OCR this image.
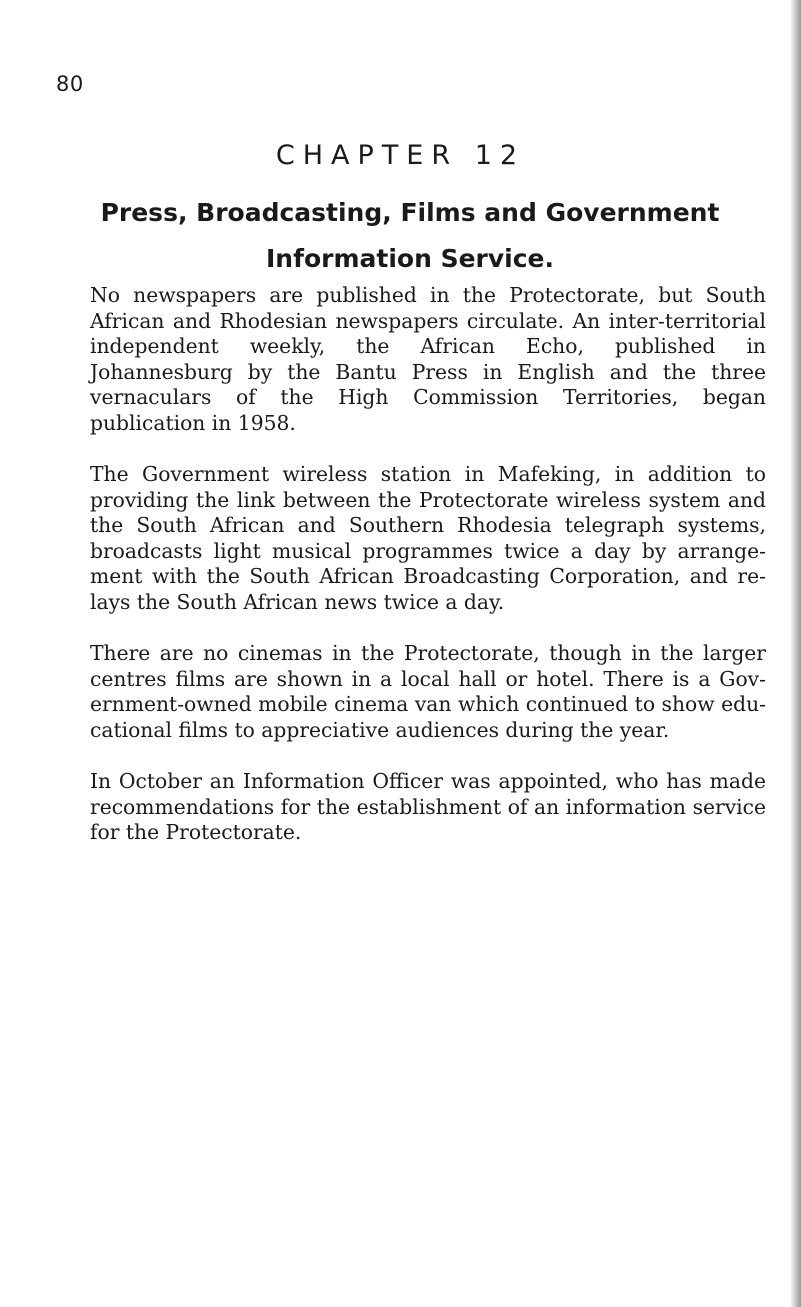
80
CHAPTER 12
Press, Broadcasting, Films and Government Information Service.

No newspapers are published in the Protectorate, but South African and Rhodesian newspapers circulate. An inter-territorial independent weekly, the African Echo, published in Johannesburg by the Bantu Press in English and the three vernaculars of the High Commission Territories, began publication in 1958.

The Government wireless station in Mafeking, in addition to providing the link between the Protectorate wireless system and the South African and Southern Rhodesia telegraph systems, broadcasts light musical programmes twice a day by arrangement with the South African Broadcasting Corporation, and relays the South African news twice a day.

There are no cinemas in the Protectorate, though in the larger centres films are shown in a local hall or hotel. There is a Government-owned mobile cinema van which continued to show educational films to appreciative audiences during the year.

In October an Information Officer was appointed, who has made recommendations for the establishment of an information service for the Protectorate.
